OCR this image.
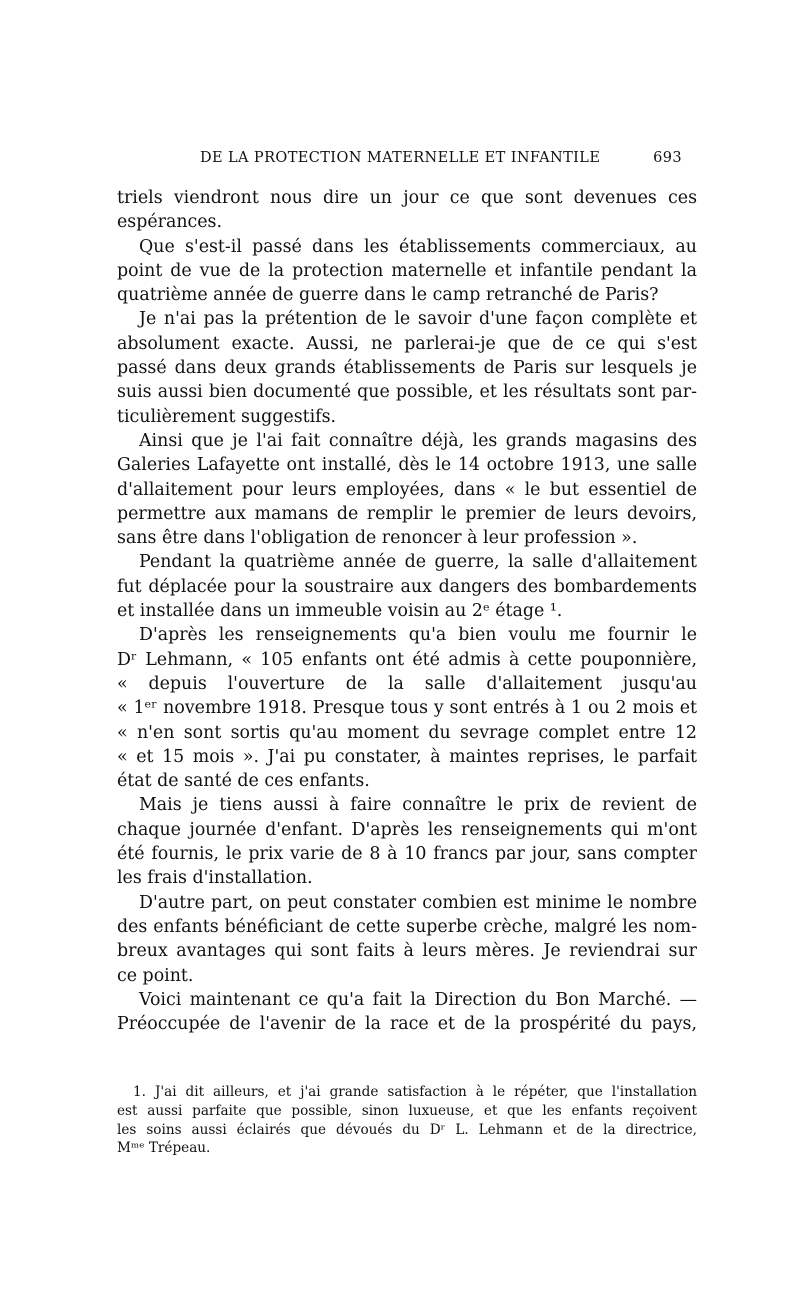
DE LA PROTECTION MATERNELLE ET INFANTILE	693
triels viendront nous dire un jour ce que sont devenues ces
espérances.
Que s'est-il passé dans les établissements commerciaux, au
point de vue de la protection maternelle et infantile pendant la
quatrième année de guerre dans le camp retranché de Paris?
Je n'ai pas la prétention de le savoir d'une façon complète et
absolument exacte. Aussi, ne parlerai-je que de ce qui s'est
passé dans deux grands établissements de Paris sur lesquels je
suis aussi bien documenté que possible, et les résultats sont par-
ticulièrement suggestifs.
Ainsi que je l'ai fait connaître déjà, les grands magasins des
Galeries Lafayette ont installé, dès le 14 octobre 1913, une salle
d'allaitement pour leurs employées, dans « le but essentiel de
permettre aux mamans de remplir le premier de leurs devoirs,
sans être dans l'obligation de renoncer à leur profession ».
Pendant la quatrième année de guerre, la salle d'allaitement
fut déplacée pour la soustraire aux dangers des bombardements
et installée dans un immeuble voisin au 2ᵉ étage ¹.
D'après les renseignements qu'a bien voulu me fournir le
Dʳ Lehmann, « 105 enfants ont été admis à cette pouponnière,
« depuis l'ouverture de la salle d'allaitement jusqu'au
« 1ᵉʳ novembre 1918. Presque tous y sont entrés à 1 ou 2 mois et
« n'en sont sortis qu'au moment du sevrage complet entre 12
« et 15 mois ». J'ai pu constater, à maintes reprises, le parfait
état de santé de ces enfants.
Mais je tiens aussi à faire connaître le prix de revient de
chaque journée d'enfant. D'après les renseignements qui m'ont
été fournis, le prix varie de 8 à 10 francs par jour, sans compter
les frais d'installation.
D'autre part, on peut constater combien est minime le nombre
des enfants bénéficiant de cette superbe crèche, malgré les nom-
breux avantages qui sont faits à leurs mères. Je reviendrai sur
ce point.
Voici maintenant ce qu'a fait la Direction du Bon Marché. —
Préoccupée de l'avenir de la race et de la prospérité du pays,
1. J'ai dit ailleurs, et j'ai grande satisfaction à le répéter, que l'installation
est aussi parfaite que possible, sinon luxueuse, et que les enfants reçoivent
les soins aussi éclairés que dévoués du Dʳ L. Lehmann et de la directrice,
Mᵐᵉ Trépeau.
